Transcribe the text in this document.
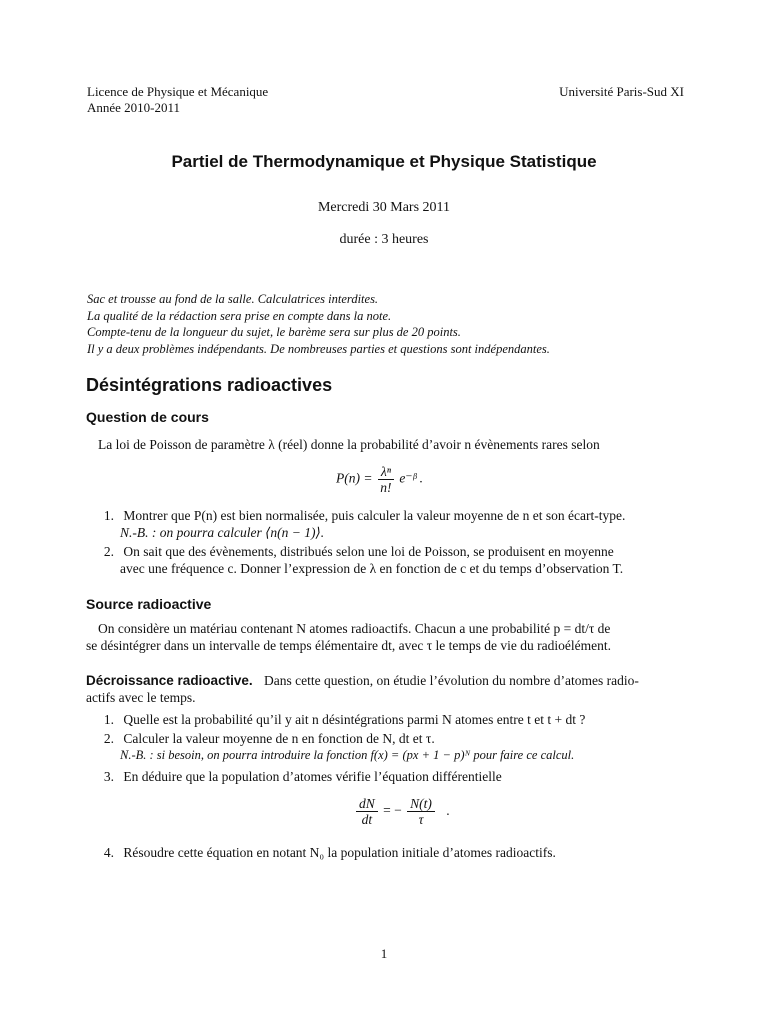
Licence de Physique et Mécanique
Année 2010-2011
Université Paris-Sud XI
Partiel de Thermodynamique et Physique Statistique
Mercredi 30 Mars 2011
durée : 3 heures
Sac et trousse au fond de la salle. Calculatrices interdites.
La qualité de la rédaction sera prise en compte dans la note.
Compte-tenu de la longueur du sujet, le barème sera sur plus de 20 points.
Il y a deux problèmes indépendants. De nombreuses parties et questions sont indépendantes.
Désintégrations radioactives
Question de cours
La loi de Poisson de paramètre λ (réel) donne la probabilité d’avoir n évènements rares selon
$P(n) = \frac{\text{λⁿ}}{n!}$ e⁻ᵝ .
1. Montrer que P(n) est bien normalisée, puis calculer la valeur moyenne de n et son écart-type.
N.-B. : on pourra calculer ⟨n(n − 1)⟩.
2. On sait que des évènements, distribués selon une loi de Poisson, se produisent en moyenne
avec une fréquence c. Donner l’expression de λ en fonction de c et du temps d’observation T.
Source radioactive
On considère un matériau contenant N atomes radioactifs. Chacun a une probabilité p = dt/τ de
se désintégrer dans un intervalle de temps élémentaire dt, avec τ le temps de vie du radioélément.
Décroissance radioactive. Dans cette question, on étudie l’évolution du nombre d’atomes radio-
actifs avec le temps.
1. Quelle est la probabilité qu’il y ait n désintégrations parmi N atomes entre t et t + dt ?
2. Calculer la valeur moyenne de n en fonction de N, dt et τ.
N.-B. : si besoin, on pourra introduire la fonction f(x) = (px + 1 − p)ᴺ pour faire ce calcul.
3. En déduire que la population d’atomes vérifie l’équation différentielle
$\frac{dN}{dt}$ = − $\frac{N(t)}{\tau}$ .
4. Résoudre cette équation en notant N₀ la population initiale d’atomes radioactifs.
1
